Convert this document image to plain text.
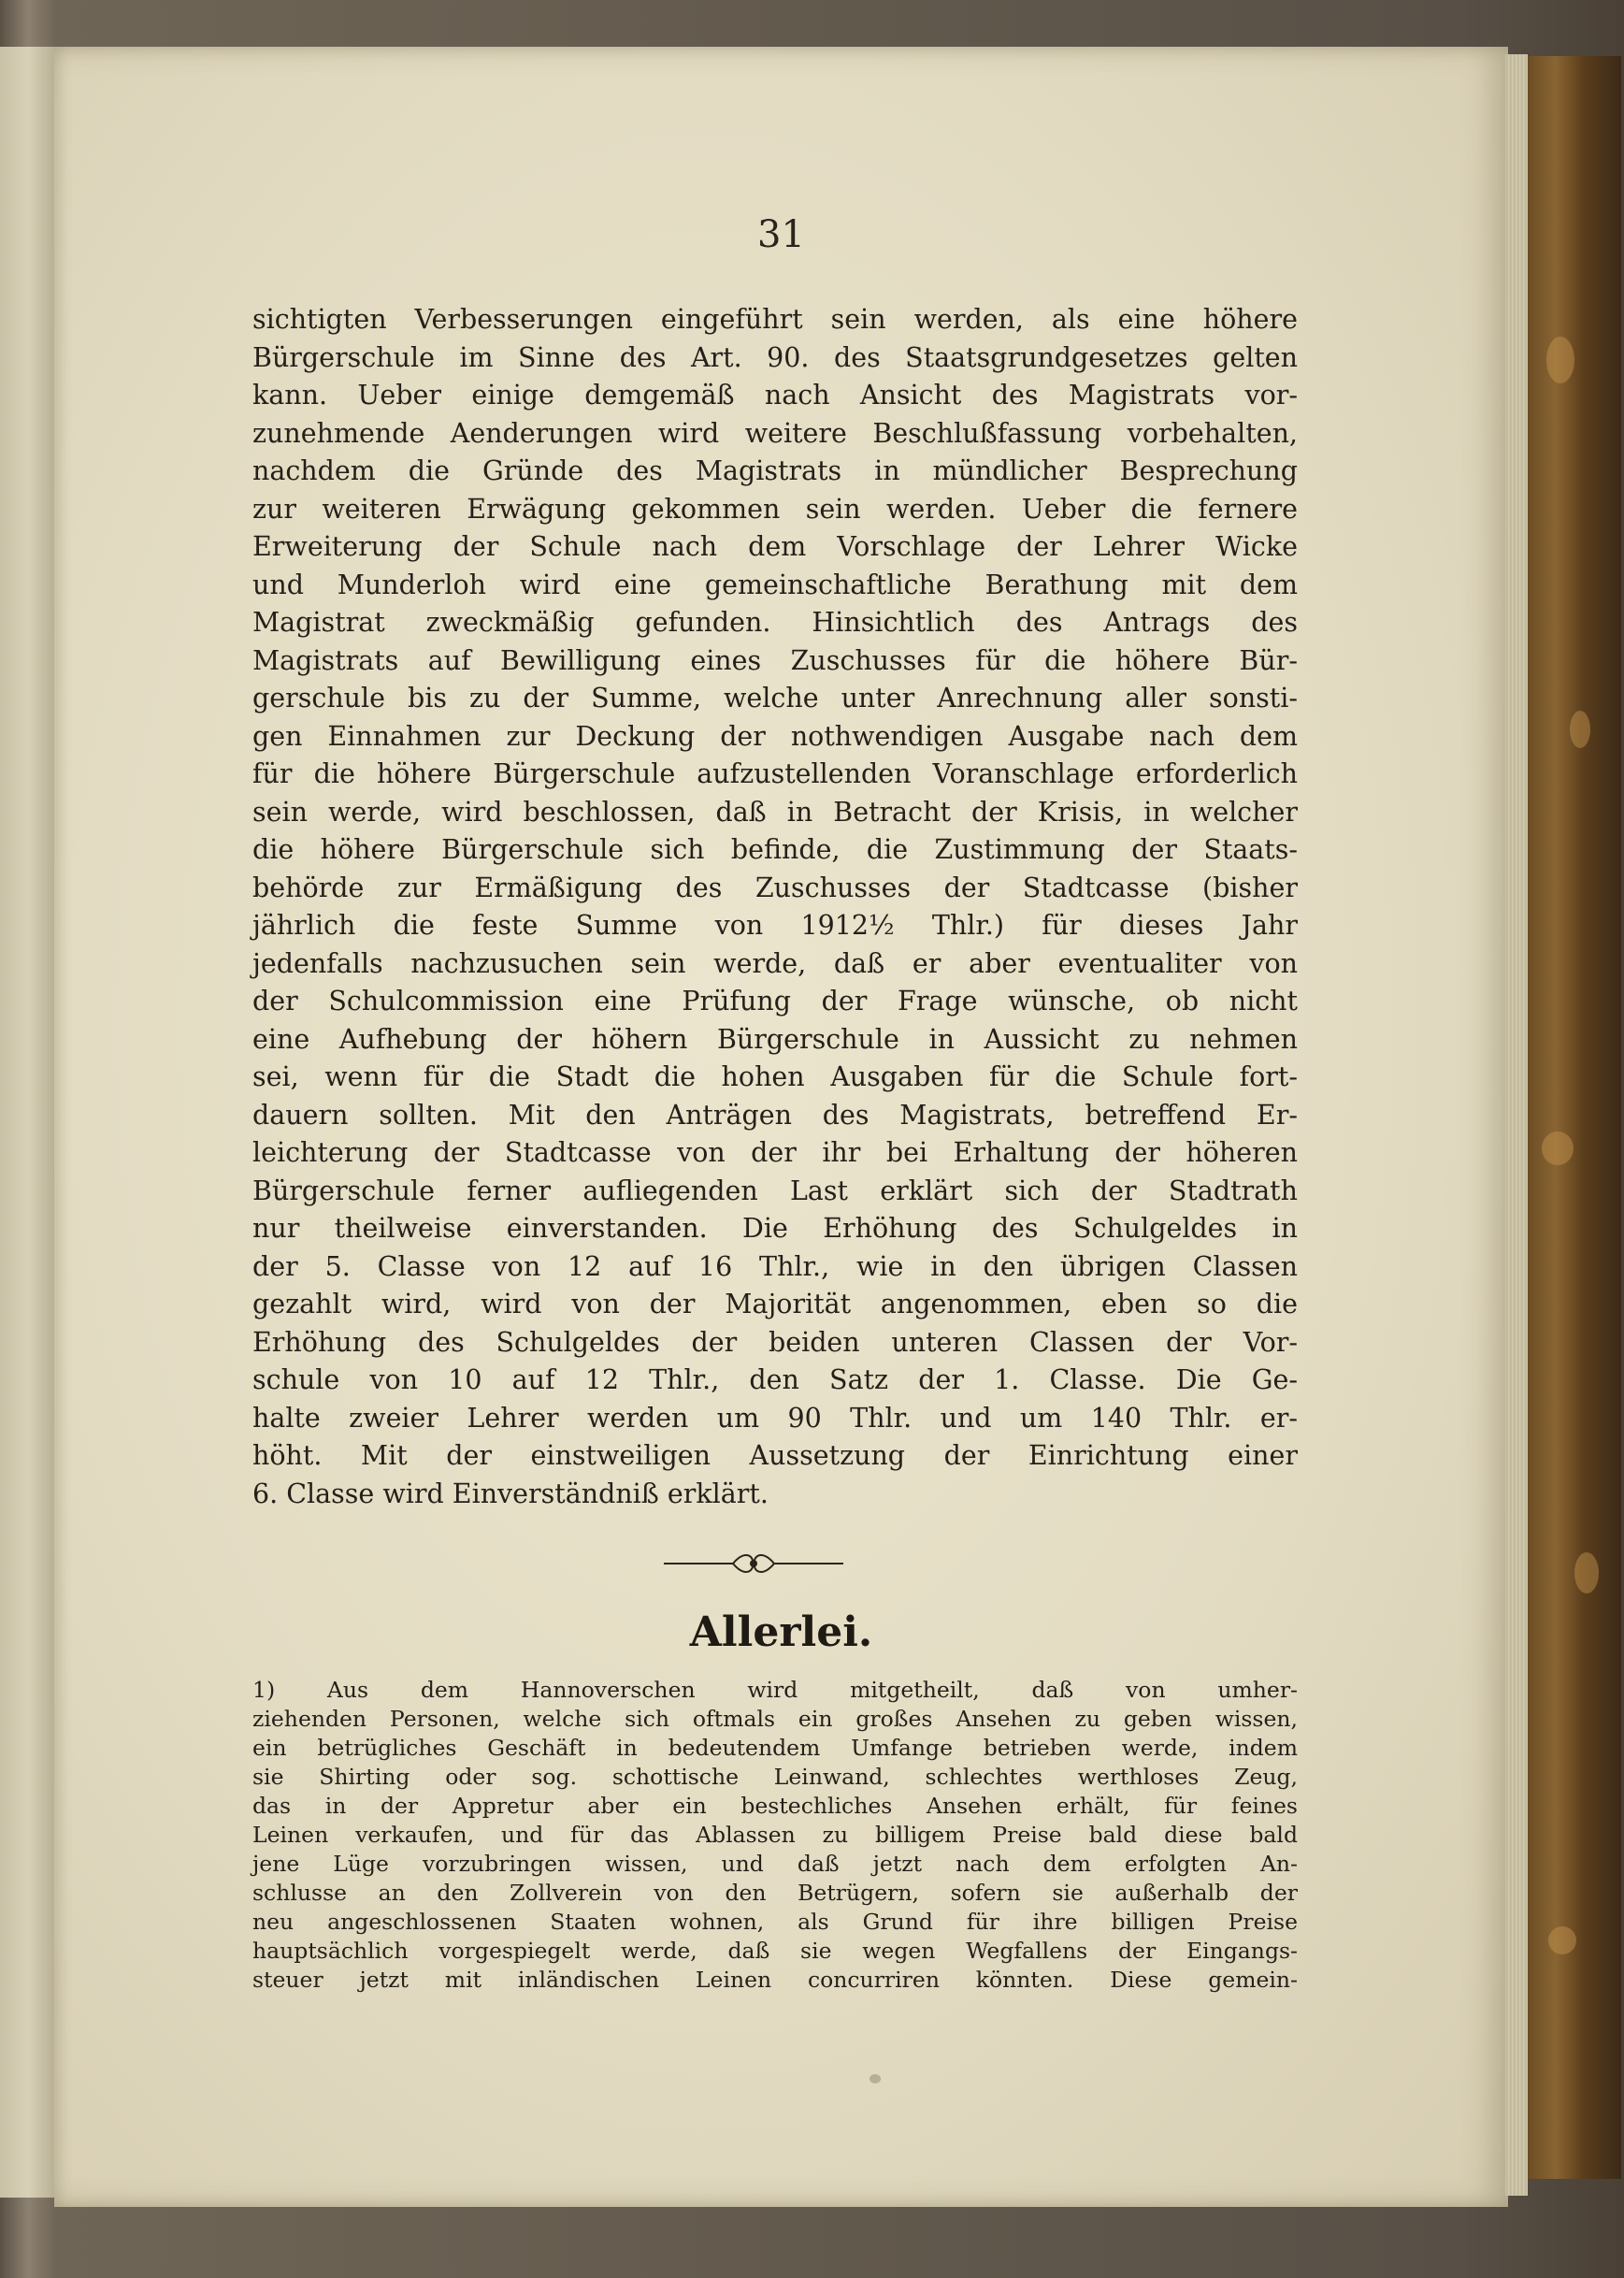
31

sichtigten Verbesserungen eingeführt sein werden, als eine höhere

Bürgerschule im Sinne des Art. 90. des Staatsgrundgesetzes gelten

kann. Ueber einige demgemäß nach Ansicht des Magistrats vor-

zunehmende Aenderungen wird weitere Beschlußfassung vorbehalten,

nachdem die Gründe des Magistrats in mündlicher Besprechung

zur weiteren Erwägung gekommen sein werden. Ueber die fernere

Erweiterung der Schule nach dem Vorschlage der Lehrer Wicke

und Munderloh wird eine gemeinschaftliche Berathung mit dem

Magistrat zweckmäßig gefunden. Hinsichtlich des Antrags des

Magistrats auf Bewilligung eines Zuschusses für die höhere Bür-

gerschule bis zu der Summe, welche unter Anrechnung aller sonsti-

gen Einnahmen zur Deckung der nothwendigen Ausgabe nach dem

für die höhere Bürgerschule aufzustellenden Voranschlage erforderlich

sein werde, wird beschlossen, daß in Betracht der Krisis, in welcher

die höhere Bürgerschule sich befinde, die Zustimmung der Staats-

behörde zur Ermäßigung des Zuschusses der Stadtcasse (bisher

jährlich die feste Summe von 1912½ Thlr.) für dieses Jahr

jedenfalls nachzusuchen sein werde, daß er aber eventualiter von

der Schulcommission eine Prüfung der Frage wünsche, ob nicht

eine Aufhebung der höhern Bürgerschule in Aussicht zu nehmen

sei, wenn für die Stadt die hohen Ausgaben für die Schule fort-

dauern sollten. Mit den Anträgen des Magistrats, betreffend Er-

leichterung der Stadtcasse von der ihr bei Erhaltung der höheren

Bürgerschule ferner aufliegenden Last erklärt sich der Stadtrath

nur theilweise einverstanden. Die Erhöhung des Schulgeldes in

der 5. Classe von 12 auf 16 Thlr., wie in den übrigen Classen

gezahlt wird, wird von der Majorität angenommen, eben so die

Erhöhung des Schulgeldes der beiden unteren Classen der Vor-

schule von 10 auf 12 Thlr., den Satz der 1. Classe. Die Ge-

halte zweier Lehrer werden um 90 Thlr. und um 140 Thlr. er-

höht. Mit der einstweiligen Aussetzung der Einrichtung einer

6. Classe wird Einverständniß erklärt.

Allerlei.

1) Aus dem Hannoverschen wird mitgetheilt, daß von umher-

ziehenden Personen, welche sich oftmals ein großes Ansehen zu geben wissen,

ein betrügliches Geschäft in bedeutendem Umfange betrieben werde, indem

sie Shirting oder sog. schottische Leinwand, schlechtes werthloses Zeug,

das in der Appretur aber ein bestechliches Ansehen erhält, für feines

Leinen verkaufen, und für das Ablassen zu billigem Preise bald diese bald

jene Lüge vorzubringen wissen, und daß jetzt nach dem erfolgten An-

schlusse an den Zollverein von den Betrügern, sofern sie außerhalb der

neu angeschlossenen Staaten wohnen, als Grund für ihre billigen Preise

hauptsächlich vorgespiegelt werde, daß sie wegen Wegfallens der Eingangs-

steuer jetzt mit inländischen Leinen concurriren könnten. Diese gemein-
